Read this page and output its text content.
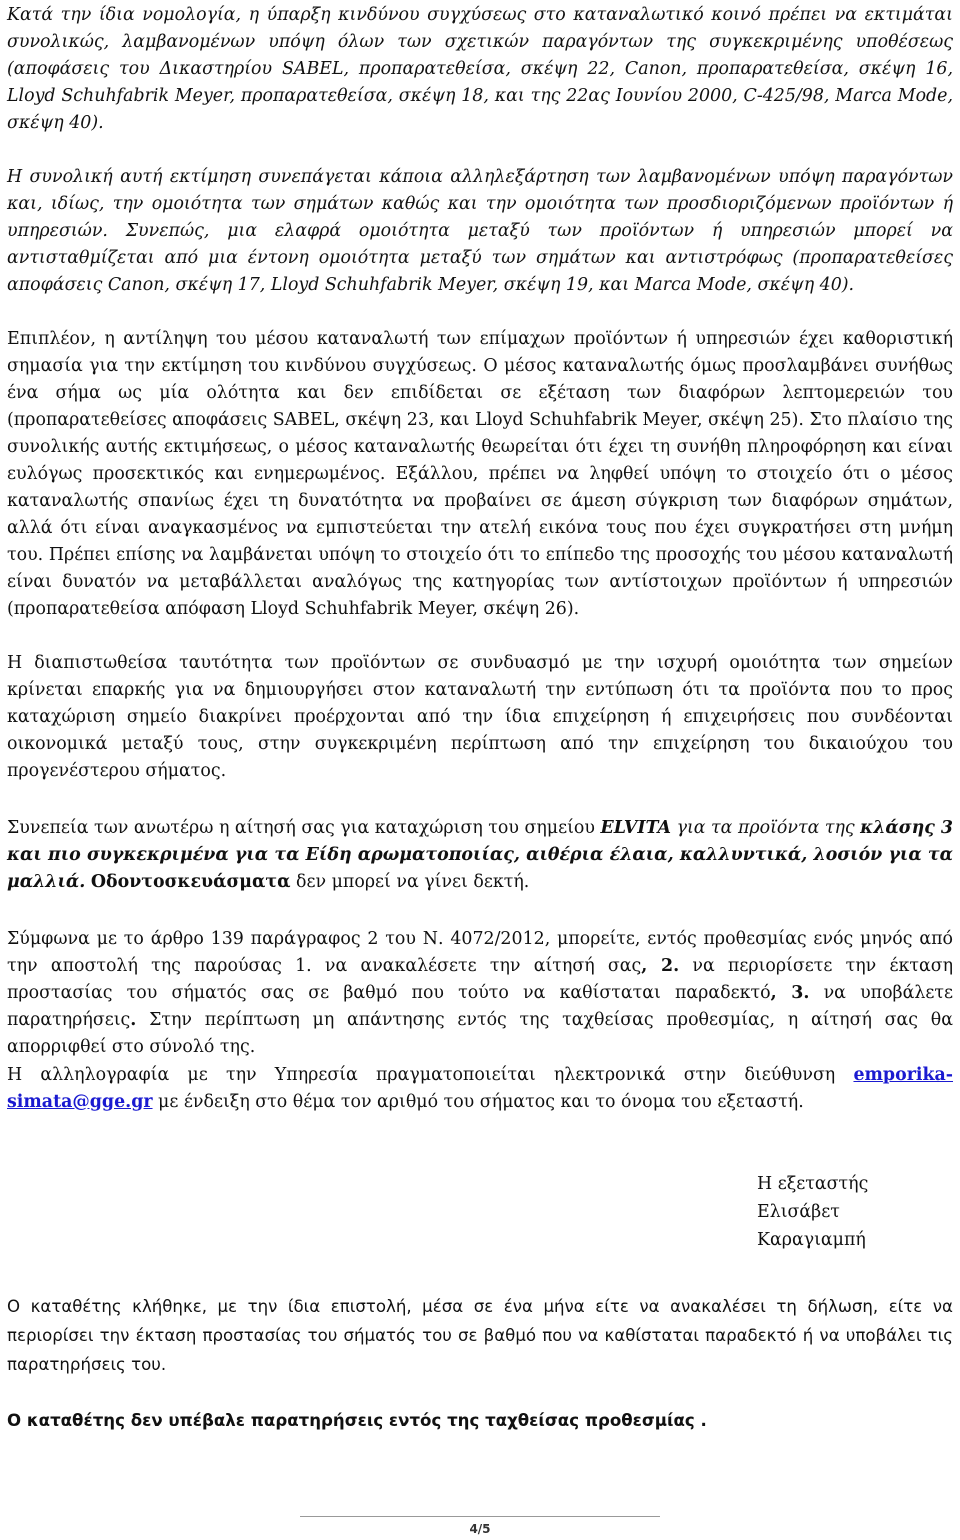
Κατά την ίδια νομολογία, η ύπαρξη κινδύνου συγχύσεως στο καταναλωτικό κοινό πρέπει να εκτιμάται συνολικώς, λαμβανομένων υπόψη όλων των σχετικών παραγόντων της συγκεκριμένης υποθέσεως (αποφάσεις του Δικαστηρίου SABEL, προπαρατεθείσα, σκέψη 22, Canon, προπαρατεθείσα, σκέψη 16, Lloyd Schuhfabrik Meyer, προπαρατεθείσα, σκέψη 18, και της 22ας Ιουνίου 2000, C-425/98, Marca Mode, σκέψη 40).

Η συνολική αυτή εκτίμηση συνεπάγεται κάποια αλληλεξάρτηση των λαμβανομένων υπόψη παραγόντων και, ιδίως, την ομοιότητα των σημάτων καθώς και την ομοιότητα των προσδιοριζόμενων προϊόντων ή υπηρεσιών. Συνεπώς, μια ελαφρά ομοιότητα μεταξύ των προϊόντων ή υπηρεσιών μπορεί να αντισταθμίζεται από μια έντονη ομοιότητα μεταξύ των σημάτων και αντιστρόφως (προπαρατεθείσες αποφάσεις Canon, σκέψη 17, Lloyd Schuhfabrik Meyer, σκέψη 19, και Marca Mode, σκέψη 40).

Επιπλέον, η αντίληψη του μέσου καταναλωτή των επίμαχων προϊόντων ή υπηρεσιών έχει καθοριστική σημασία για την εκτίμηση του κινδύνου συγχύσεως. Ο μέσος καταναλωτής όμως προσλαμβάνει συνήθως ένα σήμα ως μία ολότητα και δεν επιδίδεται σε εξέταση των διαφόρων λεπτομερειών του (προπαρατεθείσες αποφάσεις SABEL, σκέψη 23, και Lloyd Schuhfabrik Meyer, σκέψη 25). Στο πλαίσιο της συνολικής αυτής εκτιμήσεως, ο μέσος καταναλωτής θεωρείται ότι έχει τη συνήθη πληροφόρηση και είναι ευλόγως προσεκτικός και ενημερωμένος. Εξάλλου, πρέπει να ληφθεί υπόψη το στοιχείο ότι ο μέσος καταναλωτής σπανίως έχει τη δυνατότητα να προβαίνει σε άμεση σύγκριση των διαφόρων σημάτων, αλλά ότι είναι αναγκασμένος να εμπιστεύεται την ατελή εικόνα τους που έχει συγκρατήσει στη μνήμη του. Πρέπει επίσης να λαμβάνεται υπόψη το στοιχείο ότι το επίπεδο της προσοχής του μέσου καταναλωτή είναι δυνατόν να μεταβάλλεται αναλόγως της κατηγορίας των αντίστοιχων προϊόντων ή υπηρεσιών (προπαρατεθείσα απόφαση Lloyd Schuhfabrik Meyer, σκέψη 26).

Η διαπιστωθείσα ταυτότητα των προϊόντων σε συνδυασμό με την ισχυρή ομοιότητα των σημείων κρίνεται επαρκής για να δημιουργήσει στον καταναλωτή την εντύπωση ότι τα προϊόντα που το προς καταχώριση σημείο διακρίνει προέρχονται από την ίδια επιχείρηση ή επιχειρήσεις που συνδέονται οικονομικά μεταξύ τους, στην συγκεκριμένη περίπτωση από την επιχείρηση του δικαιούχου του προγενέστερου σήματος.

Συνεπεία των ανωτέρω η αίτησή σας για καταχώριση του σημείου ELVITA για τα προϊόντα της κλάσης 3 και πιο συγκεκριμένα για τα Είδη αρωματοποιίας, αιθέρια έλαια, καλλυντικά, λοσιόν για τα μαλλιά. Οδοντοσκευάσματα δεν μπορεί να γίνει δεκτή.

Σύμφωνα με το άρθρο 139 παράγραφος 2 του Ν. 4072/2012, μπορείτε, εντός προθεσμίας ενός μηνός από την αποστολή της παρούσας 1. να ανακαλέσετε την αίτησή σας, 2. να περιορίσετε την έκταση προστασίας του σήματός σας σε βαθμό που τούτο να καθίσταται παραδεκτό, 3. να υποβάλετε παρατηρήσεις. Στην περίπτωση μη απάντησης εντός της ταχθείσας προθεσμίας, η αίτησή σας θα απορριφθεί στο σύνολό της.

Η αλληλογραφία με την Υπηρεσία πραγματοποιείται ηλεκτρονικά στην διεύθυνση emporika-simata@gge.gr με ένδειξη στο θέμα τον αριθμό του σήματος και το όνομα του εξεταστή.

Η εξεταστής
Ελισάβετ Καραγιαμπή

Ο καταθέτης κλήθηκε, με την ίδια επιστολή, μέσα σε ένα μήνα είτε να ανακαλέσει τη δήλωση, είτε να περιορίσει την έκταση προστασίας του σήματός του σε βαθμό που να καθίσταται παραδεκτό ή να υποβάλει τις παρατηρήσεις του.

Ο καταθέτης δεν υπέβαλε παρατηρήσεις εντός της ταχθείσας προθεσμίας .

4/5
